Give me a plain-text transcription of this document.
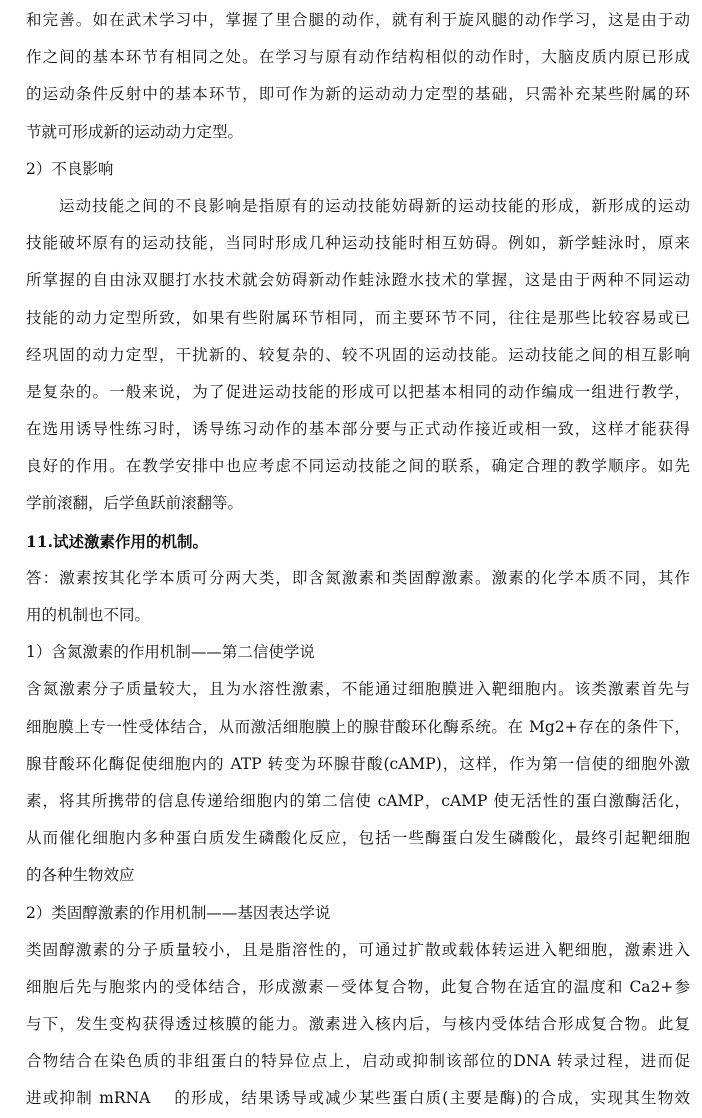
和完善。如在武术学习中，掌握了里合腿的动作，就有利于旋风腿的动作学习，这是由于动
作之间的基本环节有相同之处。在学习与原有动作结构相似的动作时，大脑皮质内原已形成
的运动条件反射中的基本环节，即可作为新的运动动力定型的基础，只需补充某些附属的环
节就可形成新的运动动力定型。
2）不良影响
运动技能之间的不良影响是指原有的运动技能妨碍新的运动技能的形成，新形成的运动
技能破坏原有的运动技能，当同时形成几种运动技能时相互妨碍。例如，新学蛙泳时，原来
所掌握的自由泳双腿打水技术就会妨碍新动作蛙泳蹬水技术的掌握，这是由于两种不同运动
技能的动力定型所致，如果有些附属环节相同，而主要环节不同，往往是那些比较容易或已
经巩固的动力定型，干扰新的、较复杂的、较不巩固的运动技能。运动技能之间的相互影响
是复杂的。一般来说，为了促进运动技能的形成可以把基本相同的动作编成一组进行教学，
在选用诱导性练习时，诱导练习动作的基本部分要与正式动作接近或相一致，这样才能获得
良好的作用。在教学安排中也应考虑不同运动技能之间的联系，确定合理的教学顺序。如先
学前滚翻，后学鱼跃前滚翻等。
11.试述激素作用的机制。
答：激素按其化学本质可分两大类，即含氮激素和类固醇激素。激素的化学本质不同，其作
用的机制也不同。
1）含氮激素的作用机制——第二信使学说
含氮激素分子质量较大，且为水溶性激素，不能通过细胞膜进入靶细胞内。该类激素首先与
细胞膜上专一性受体结合，从而激活细胞膜上的腺苷酸环化酶系统。在 Mg2+存在的条件下，
腺苷酸环化酶促使细胞内的 ATP 转变为环腺苷酸(cAMP)，这样，作为第一信使的细胞外激
素，将其所携带的信息传递给细胞内的第二信使 cAMP，cAMP 使无活性的蛋白激酶活化，
从而催化细胞内多种蛋白质发生磷酸化反应，包括一些酶蛋白发生磷酸化，最终引起靶细胞
的各种生物效应
2）类固醇激素的作用机制——基因表达学说
类固醇激素的分子质量较小，且是脂溶性的，可通过扩散或载体转运进入靶细胞，激素进入
细胞后先与胞浆内的受体结合，形成激素－受体复合物，此复合物在适宜的温度和 Ca2+参
与下，发生变构获得透过核膜的能力。激素进入核内后，与核内受体结合形成复合物。此复
合物结合在染色质的非组蛋白的特异位点上，启动或抑制该部位的DNA 转录过程，进而促
进或抑制 mRNA　 的形成，结果诱导或减少某些蛋白质(主要是酶)的合成，实现其生物效
